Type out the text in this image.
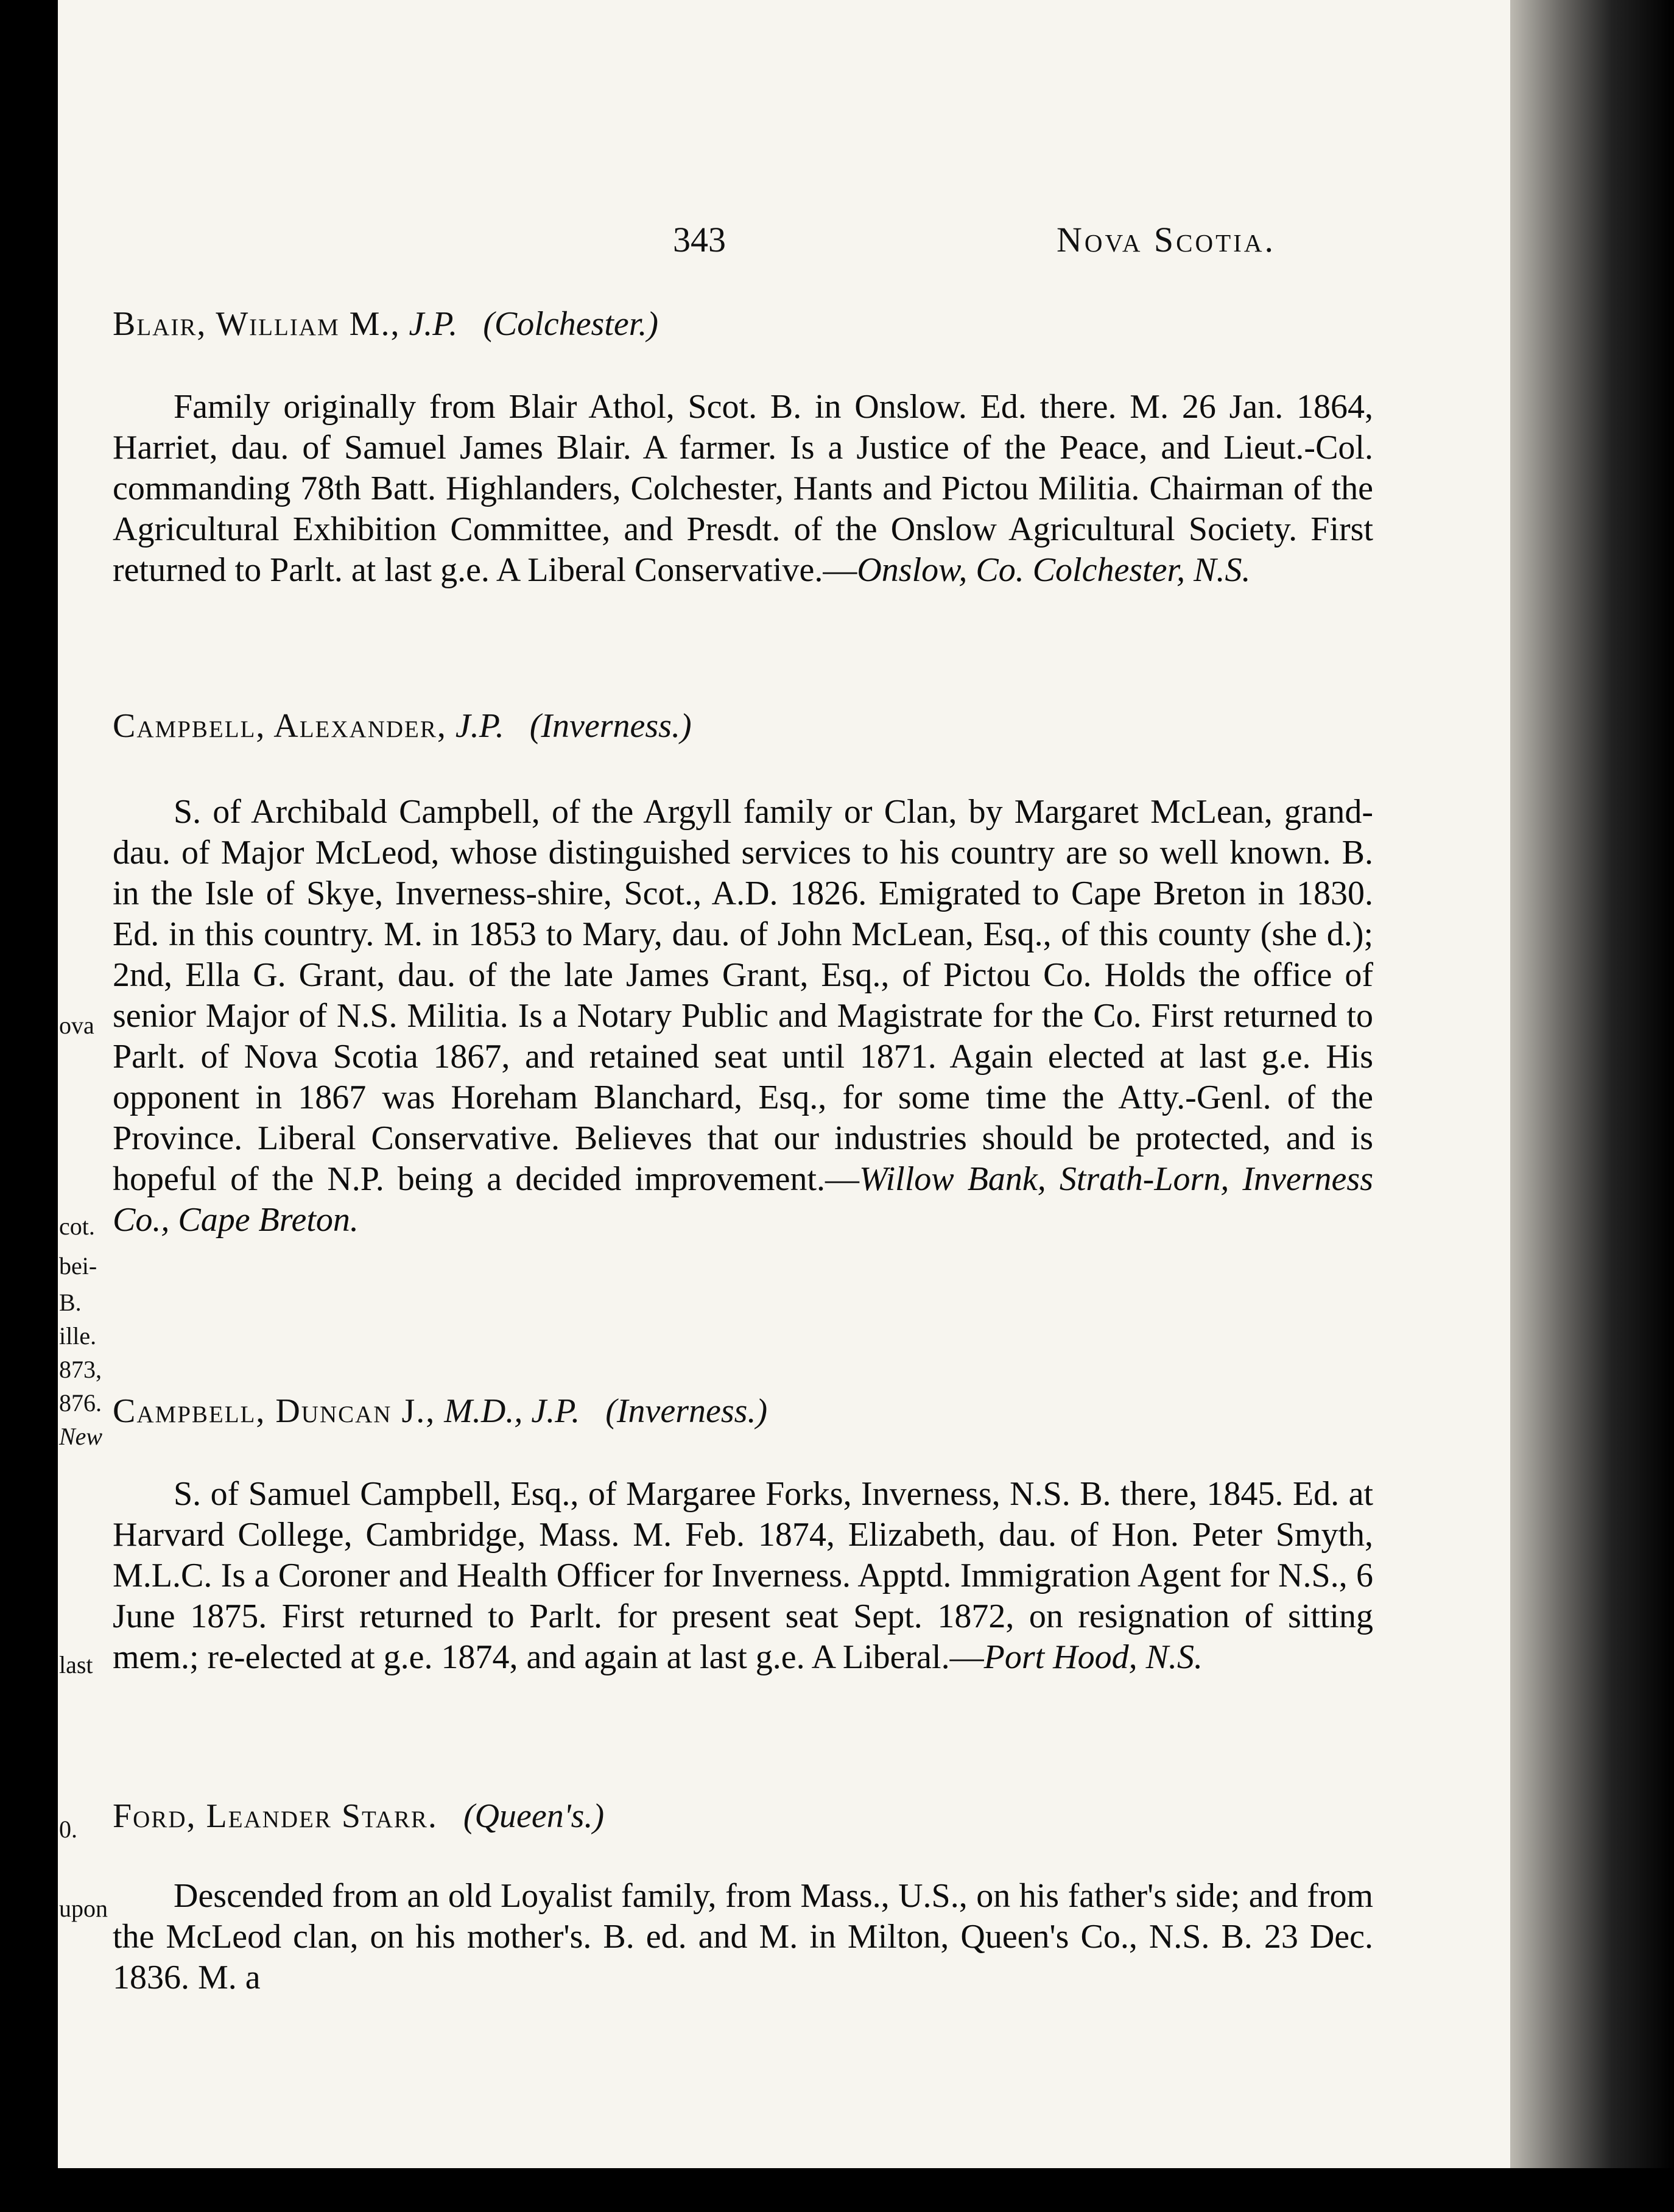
343	Nova Scotia.
Blair, William M., J.P. (Colchester.)
Family originally from Blair Athol, Scot. B. in Onslow. Ed. there. M. 26 Jan. 1864, Harriet, dau. of Samuel James Blair. A farmer. Is a Justice of the Peace, and Lieut.-Col. commanding 78th Batt. Highlanders, Colchester, Hants and Pictou Militia. Chairman of the Agricultural Exhibition Committee, and Presdt. of the Onslow Agricultural Society. First returned to Parlt. at last g.e. A Liberal Conservative.—Onslow, Co. Colchester, N.S.
Campbell, Alexander, J.P. (Inverness.)
S. of Archibald Campbell, of the Argyll family or Clan, by Margaret McLean, grand-dau. of Major McLeod, whose distinguished services to his country are so well known. B. in the Isle of Skye, Inverness-shire, Scot., A.D. 1826. Emigrated to Cape Breton in 1830. Ed. in this country. M. in 1853 to Mary, dau. of John McLean, Esq., of this county (she d.); 2nd, Ella G. Grant, dau. of the late James Grant, Esq., of Pictou Co. Holds the office of senior Major of N.S. Militia. Is a Notary Public and Magistrate for the Co. First returned to Parlt. of Nova Scotia 1867, and retained seat until 1871. Again elected at last g.e. His opponent in 1867 was Horeham Blanchard, Esq., for some time the Atty.-Genl. of the Province. Liberal Conservative. Believes that our industries should be protected, and is hopeful of the N.P. being a decided improvement.—Willow Bank, Strath-Lorn, Inverness Co., Cape Breton.
Campbell, Duncan J., M.D., J.P. (Inverness.)
S. of Samuel Campbell, Esq., of Margaree Forks, Inverness, N.S. B. there, 1845. Ed. at Harvard College, Cambridge, Mass. M. Feb. 1874, Elizabeth, dau. of Hon. Peter Smyth, M.L.C. Is a Coroner and Health Officer for Inverness. Apptd. Immigration Agent for N.S., 6 June 1875. First returned to Parlt. for present seat Sept. 1872, on resignation of sitting mem.; re-elected at g.e. 1874, and again at last g.e. A Liberal.—Port Hood, N.S.
Ford, Leander Starr. (Queen's.)
Descended from an old Loyalist family, from Mass., U.S., on his father's side; and from the McLeod clan, on his mother's. B. ed. and M. in Milton, Queen's Co., N.S. B. 23 Dec. 1836. M. a
ova
cot.
bei-
B.
ille.
873,
876.
New
last
0.
upon
